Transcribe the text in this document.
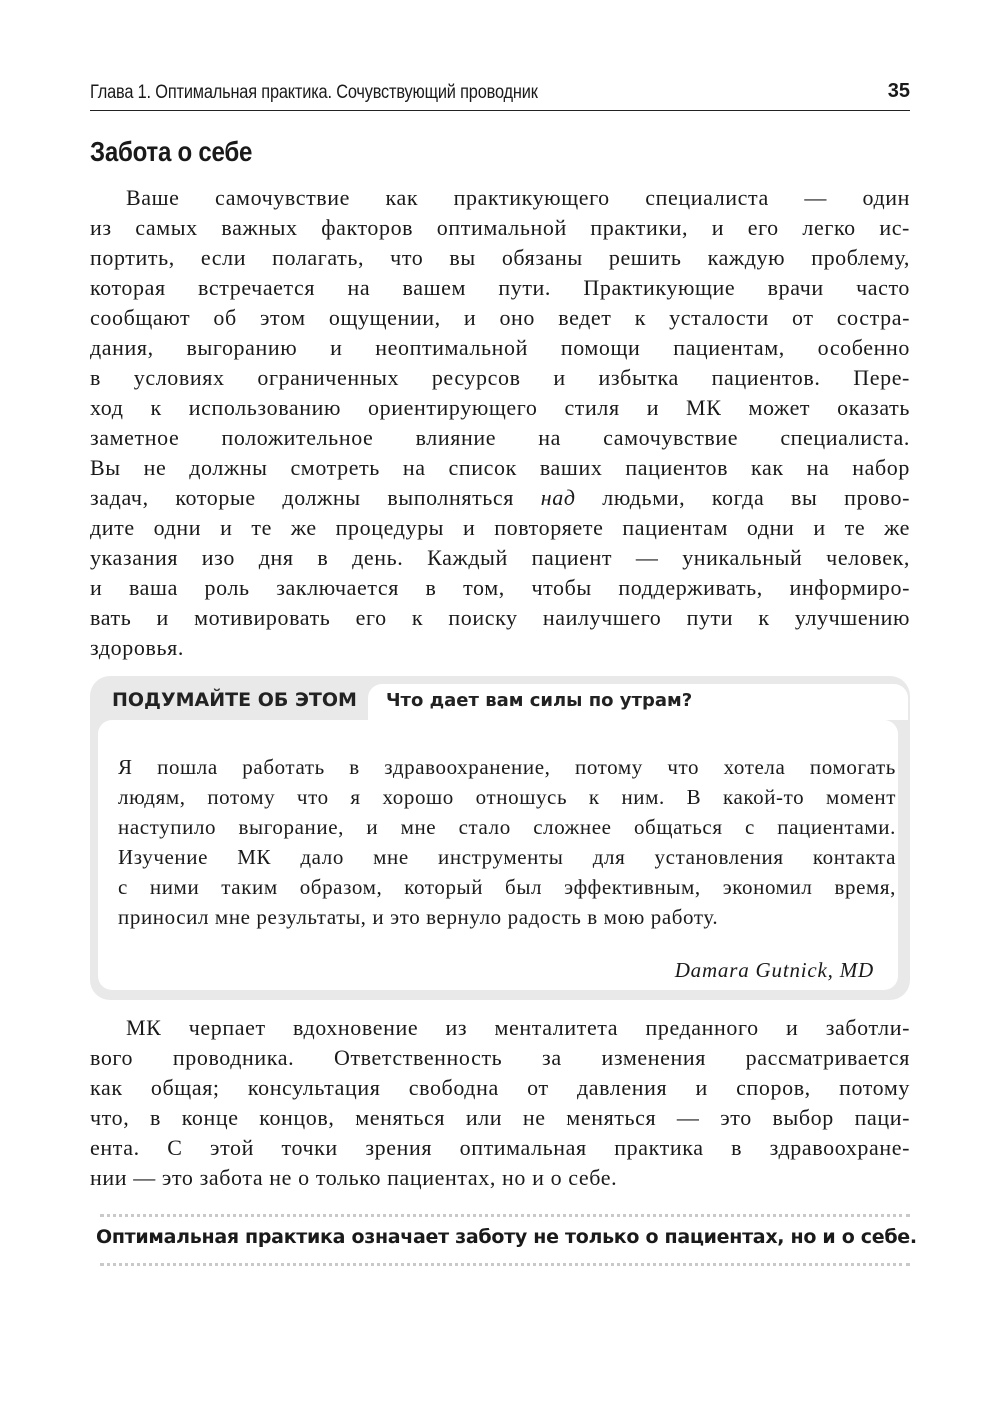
Глава 1. Оптимальная практика. Сочувствующий проводник	35
Забота о себе
Ваше самочувствие как практикующего специалиста — один
из самых важных факторов оптимальной практики, и его легко ис-
портить, если полагать, что вы обязаны решить каждую проблему,
которая встречается на вашем пути. Практикующие врачи часто
сообщают об этом ощущении, и оно ведет к усталости от состра-
дания, выгоранию и неоптимальной помощи пациентам, особенно
в условиях ограниченных ресурсов и избытка пациентов. Пере-
ход к использованию ориентирующего стиля и МК может оказать
заметное положительное влияние на самочувствие специалиста.
Вы не должны смотреть на список ваших пациентов как на набор
задач, которые должны выполняться над людьми, когда вы прово-
дите одни и те же процедуры и повторяете пациентам одни и те же
указания изо дня в день. Каждый пациент — уникальный человек,
и ваша роль заключается в том, чтобы поддерживать, информиро-
вать и мотивировать его к поиску наилучшего пути к улучшению
здоровья.
ПОДУМАЙТЕ ОБ ЭТОМ Что дает вам силы по утрам?
Я пошла работать в здравоохранение, потому что хотела помогать
людям, потому что я хорошо отношусь к ним. В какой-то момент
наступило выгорание, и мне стало сложнее общаться с пациентами.
Изучение МК дало мне инструменты для установления контакта
с ними таким образом, который был эффективным, экономил время,
приносил мне результаты, и это вернуло радость в мою работу.
Damara Gutnick, MD
МК черпает вдохновение из менталитета преданного и заботли-
вого проводника. Ответственность за изменения рассматривается
как общая; консультация свободна от давления и споров, потому
что, в конце концов, меняться или не меняться — это выбор паци-
ента. С этой точки зрения оптимальная практика в здравоохране-
нии — это забота не о только пациентах, но и о себе.
Оптимальная практика означает заботу не только о пациентах, но и о себе.
